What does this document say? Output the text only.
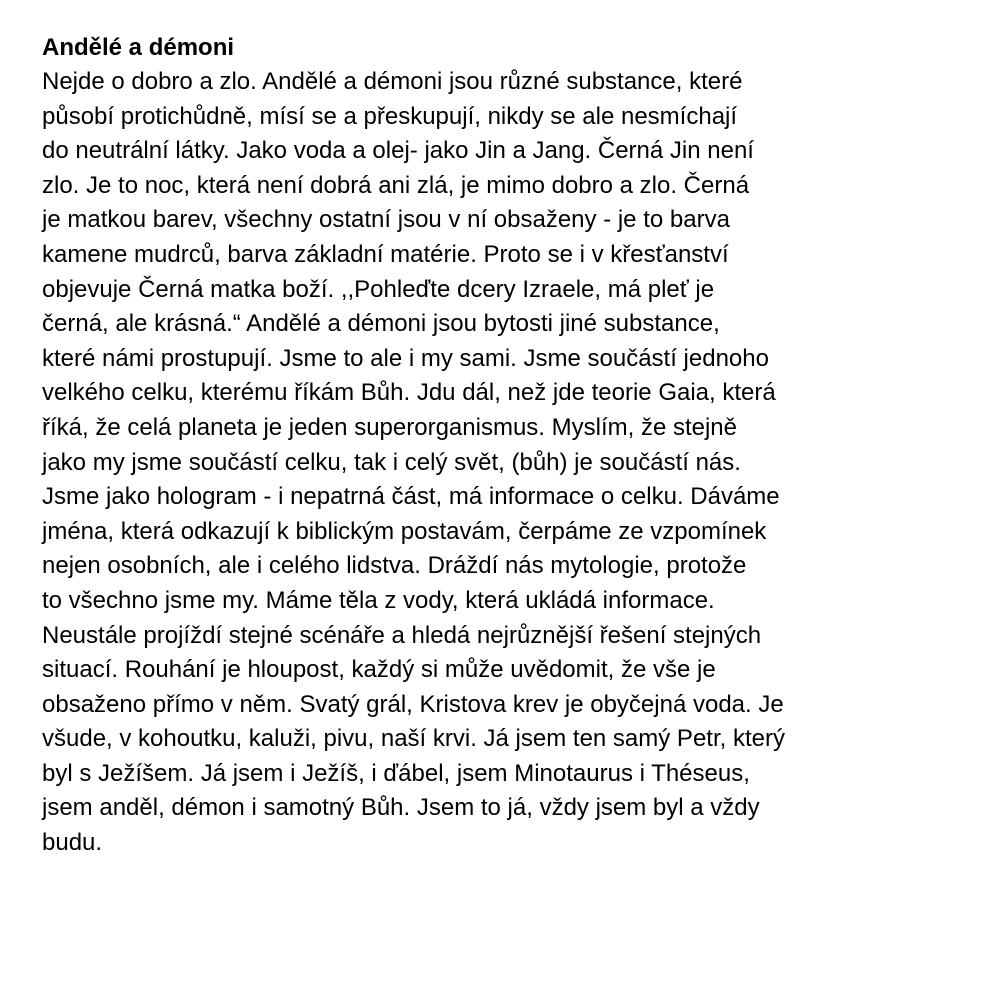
Andělé a démoni
Nejde o dobro a zlo. Andělé a démoni jsou různé substance, které
působí protichůdně, mísí se a přeskupují, nikdy se ale nesmíchají
do neutrální látky. Jako voda a olej- jako Jin a Jang. Černá Jin není
zlo. Je to noc, která není dobrá ani zlá, je mimo dobro a zlo. Černá
je matkou barev, všechny ostatní jsou v ní obsaženy - je to barva
kamene mudrců, barva základní matérie. Proto se i v křesťanství
objevuje Černá matka boží. ,,Pohleďte dcery Izraele, má pleť je
černá, ale krásná.“ Andělé a démoni jsou bytosti jiné substance,
které námi prostupují. Jsme to ale i my sami. Jsme součástí jednoho
velkého celku, kterému říkám Bůh. Jdu dál, než jde teorie Gaia, která
říká, že celá planeta je jeden superorganismus. Myslím, že stejně
jako my jsme součástí celku, tak i celý svět, (bůh) je součástí nás.
Jsme jako hologram - i nepatrná část, má informace o celku. Dáváme
jména, která odkazují k biblickým postavám, čerpáme ze vzpomínek
nejen osobních, ale i celého lidstva. Dráždí nás mytologie, protože
to všechno jsme my. Máme těla z vody, která ukládá informace.
Neustále projíždí stejné scénáře a hledá nejrůznější řešení stejných
situací. Rouhání je hloupost, každý si může uvědomit, že vše je
obsaženo přímo v něm. Svatý grál, Kristova krev je obyčejná voda. Je
všude, v kohoutku, kaluži, pivu, naší krvi. Já jsem ten samý Petr, který
byl s Ježíšem. Já jsem i Ježíš, i ďábel, jsem Minotaurus i Théseus,
jsem anděl, démon i samotný Bůh. Jsem to já, vždy jsem byl a vždy
budu.
